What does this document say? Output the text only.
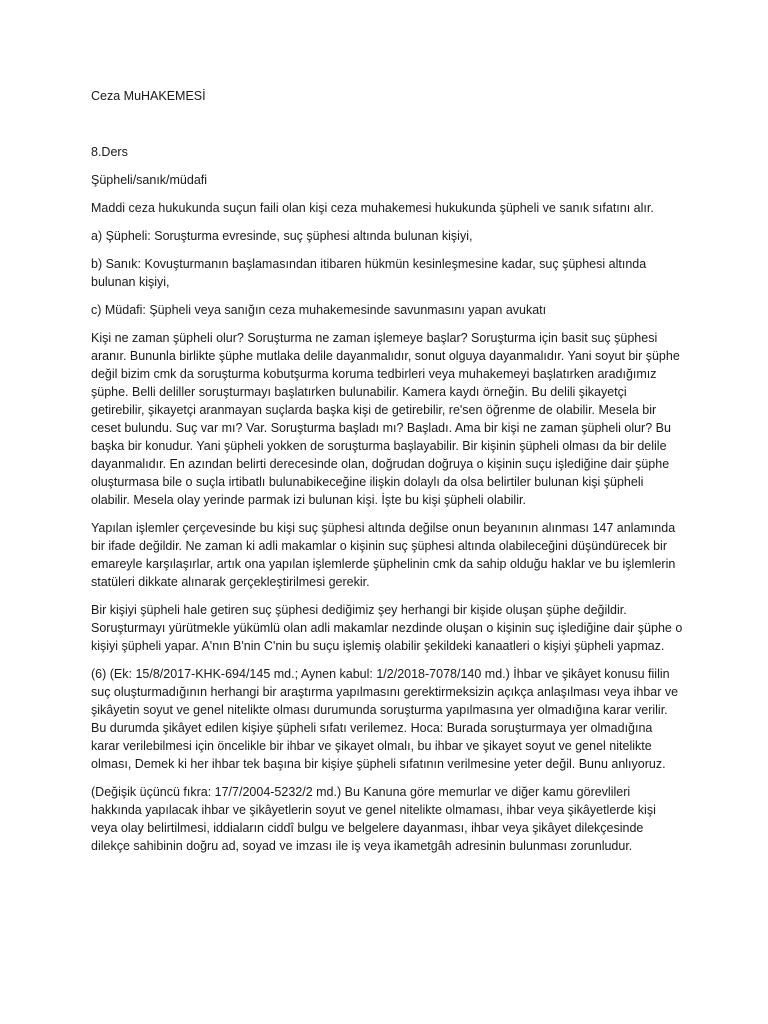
Ceza MuHAKEMESİ

8.Ders

Şüpheli/sanık/müdafi

Maddi ceza hukukunda suçun faili olan kişi ceza muhakemesi hukukunda şüpheli ve sanık sıfatını alır.

a) Şüpheli: Soruşturma evresinde, suç şüphesi altında bulunan kişiyi,

b) Sanık: Kovuşturmanın başlamasından itibaren hükmün kesinleşmesine kadar, suç şüphesi altında bulunan kişiyi,

c) Müdafi: Şüpheli veya sanığın ceza muhakemesinde savunmasını yapan avukatı

Kişi ne zaman şüpheli olur? Soruşturma ne zaman işlemeye başlar? Soruşturma için basit suç şüphesi aranır. Bununla birlikte şüphe mutlaka delile dayanmalıdır, sonut olguya dayanmalıdır. Yani soyut bir şüphe değil bizim cmk da soruşturma kobutşurma koruma tedbirleri veya muhakemeyi başlatırken aradığımız şüphe. Belli deliller soruşturmayı başlatırken bulunabilir. Kamera kaydı örneğin. Bu delili şikayetçi getirebilir, şikayetçi aranmayan suçlarda başka kişi de getirebilir, re'sen öğrenme de olabilir. Mesela bir ceset bulundu. Suç var mı? Var. Soruşturma başladı mı? Başladı. Ama bir kişi ne zaman şüpheli olur? Bu başka bir konudur. Yani şüpheli yokken de soruşturma başlayabilir. Bir kişinin şüpheli olması da bir delile dayanmalıdır. En azından belirti derecesinde olan, doğrudan doğruya o kişinin suçu işlediğine dair şüphe oluşturmasa bile o suçla irtibatlı bulunabikeceğine ilişkin dolaylı da olsa belirtiler bulunan kişi şüpheli olabilir. Mesela olay yerinde parmak izi bulunan kişi. İşte bu kişi şüpheli olabilir.

Yapılan işlemler çerçevesinde bu kişi suç şüphesi altında değilse onun beyanının alınması 147 anlamında bir ifade değildir. Ne zaman ki adli makamlar o kişinin suç şüphesi altında olabileceğini düşündürecek bir emareyle karşılaşırlar, artık ona yapılan işlemlerde şüphelinin cmk da sahip olduğu haklar ve bu işlemlerin statüleri dikkate alınarak gerçekleştirilmesi gerekir.

Bir kişiyi şüpheli hale getiren suç şüphesi dediğimiz şey herhangi bir kişide oluşan şüphe değildir. Soruşturmayı yürütmekle yükümlü olan adli makamlar nezdinde oluşan o kişinin suç işlediğine dair şüphe o kişiyi şüpheli yapar. A'nın B'nin C'nin bu suçu işlemiş olabilir şekildeki kanaatleri o kişiyi şüpheli yapmaz.

(6) (Ek: 15/8/2017-KHK-694/145 md.; Aynen kabul: 1/2/2018-7078/140 md.) İhbar ve şikâyet konusu fiilin suç oluşturmadığının herhangi bir araştırma yapılmasını gerektirmeksizin açıkça anlaşılması veya ihbar ve şikâyetin soyut ve genel nitelikte olması durumunda soruşturma yapılmasına yer olmadığına karar verilir. Bu durumda şikâyet edilen kişiye şüpheli sıfatı verilemez. Hoca: Burada soruşturmaya yer olmadığına karar verilebilmesi için öncelikle bir ihbar ve şikayet olmalı, bu ihbar ve şikayet soyut ve genel nitelikte olması, Demek ki her ihbar tek başına bir kişiye şüpheli sıfatının verilmesine yeter değil. Bunu anlıyoruz.

(Değişik üçüncü fıkra: 17/7/2004-5232/2 md.) Bu Kanuna göre memurlar ve diğer kamu görevlileri hakkında yapılacak ihbar ve şikâyetlerin soyut ve genel nitelikte olmaması, ihbar veya şikâyetlerde kişi veya olay belirtilmesi, iddiaların ciddî bulgu ve belgelere dayanması, ihbar veya şikâyet dilekçesinde dilekçe sahibinin doğru ad, soyad ve imzası ile iş veya ikametgâh adresinin bulunması zorunludur.
